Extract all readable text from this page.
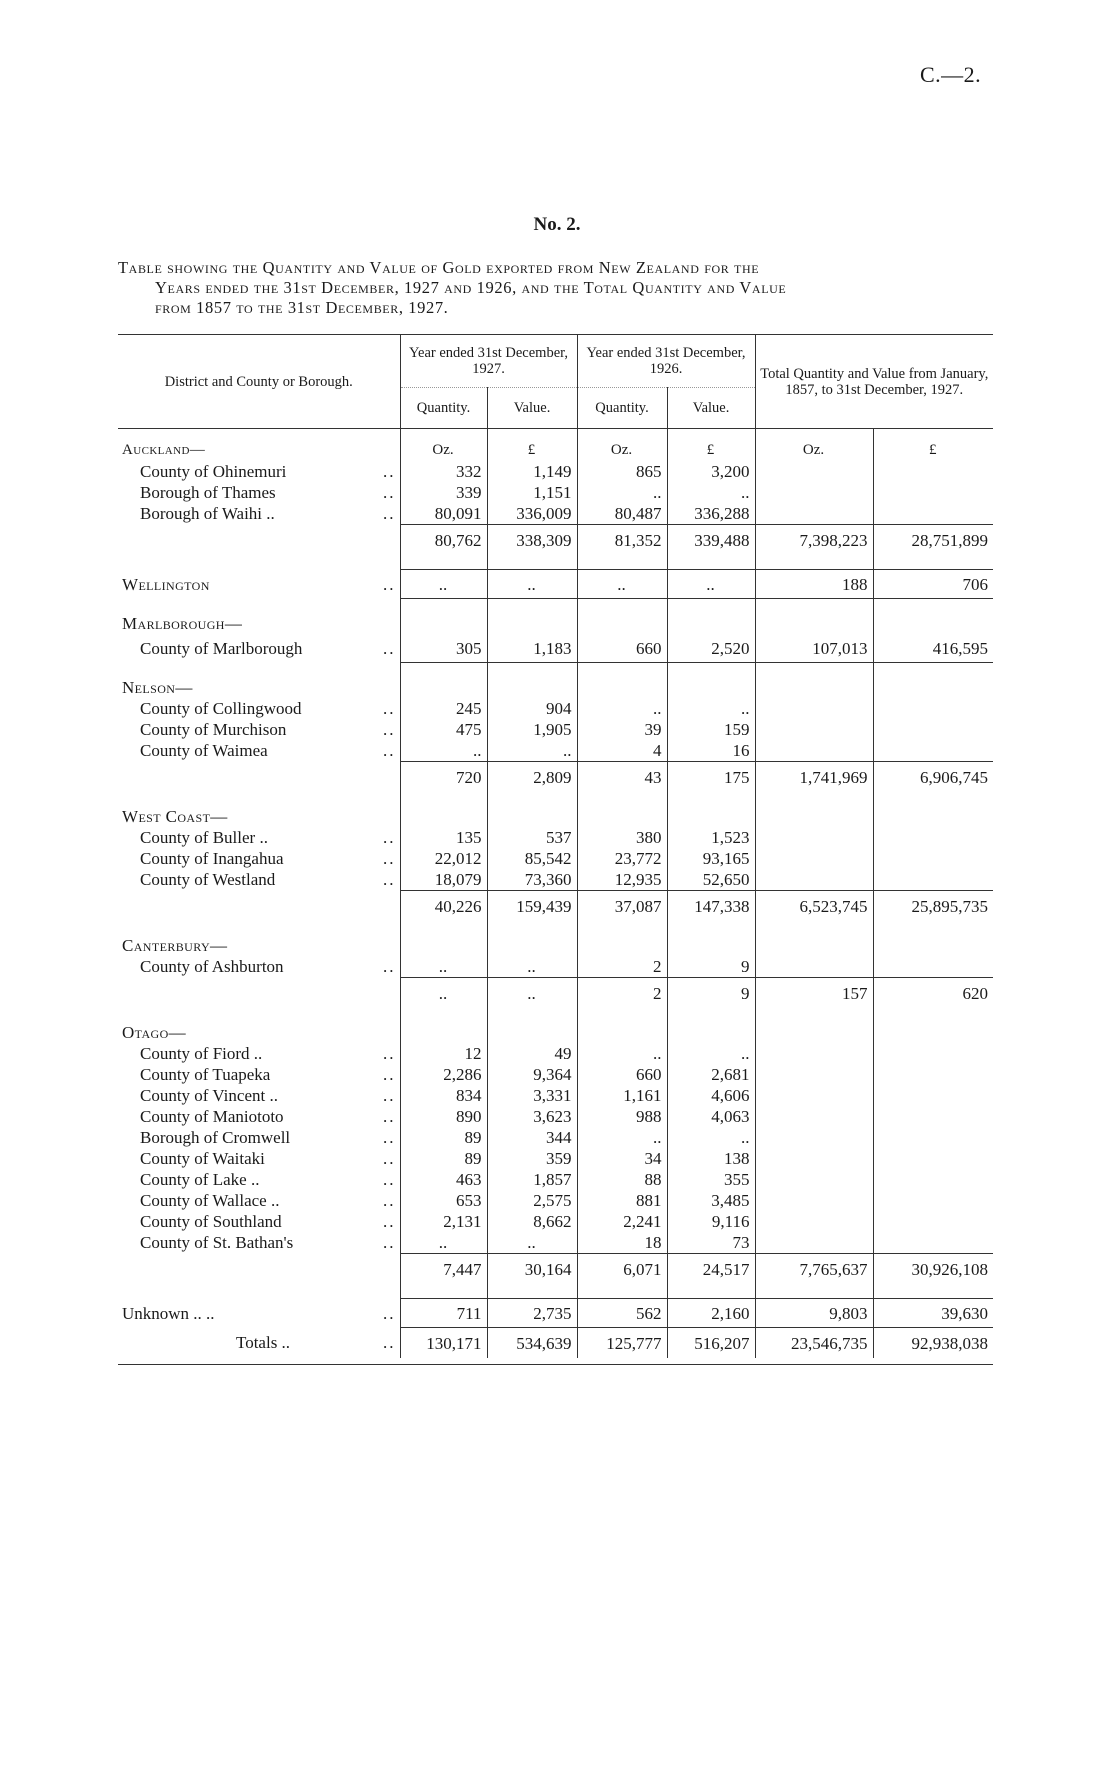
C.—2.
No. 2.
Table showing the Quantity and Value of Gold exported from New Zealand for the
Years ended the 31st December, 1927 and 1926, and the Total Quantity and Value
from 1857 to the 31st December, 1927.
District and County or Borough.	Year ended 31st December, 1927.		Year ended 31st December, 1926.		Total Quantity and Value from January, 1857, to 31st December, 1927.	
	Quantity.	Value.	Quantity.	Value.		
Auckland—	Oz.	£	Oz.	£	Oz.	£
County of Ohinemuri ..	332	1,149	865	3,200		
Borough of Thames ..	339	1,151	..	..		
Borough of Waihi .. ..	80,091	336,009	80,487	336,288		
	80,762	338,309	81,352	339,488	7,398,223	28,751,899

Wellington ..	..	..	..	..	188	706

Marlborough—						
County of Marlborough ..	305	1,183	660	2,520	107,013	416,595

Nelson—						
County of Collingwood ..	245	904	..	..		
County of Murchison ..	475	1,905	39	159		
County of Waimea ..	..	..	4	16		
	720	2,809	43	175	1,741,969	6,906,745

West Coast—						
County of Buller .. ..	135	537	380	1,523		
County of Inangahua ..	22,012	85,542	23,772	93,165		
County of Westland ..	18,079	73,360	12,935	52,650		
	40,226	159,439	37,087	147,338	6,523,745	25,895,735

Canterbury—						
County of Ashburton ..	..	..	2	9		
	..	..	2	9	157	620

Otago—						
County of Fiord .. ..	12	49	..	..		
County of Tuapeka ..	2,286	9,364	660	2,681		
County of Vincent .. ..	834	3,331	1,161	4,606		
County of Maniototo ..	890	3,623	988	4,063		
Borough of Cromwell ..	89	344	..	..		
County of Waitaki ..	89	359	34	138		
County of Lake .. ..	463	1,857	88	355		
County of Wallace .. ..	653	2,575	881	3,485		
County of Southland ..	2,131	8,662	2,241	9,116		
County of St. Bathan's ..	..	..	18	73		
	7,447	30,164	6,071	24,517	7,765,637	30,926,108

Unknown .. .. ..	711	2,735	562	2,160	9,803	39,630
Totals .. ..	130,171	534,639	125,777	516,207	23,546,735	92,938,038
